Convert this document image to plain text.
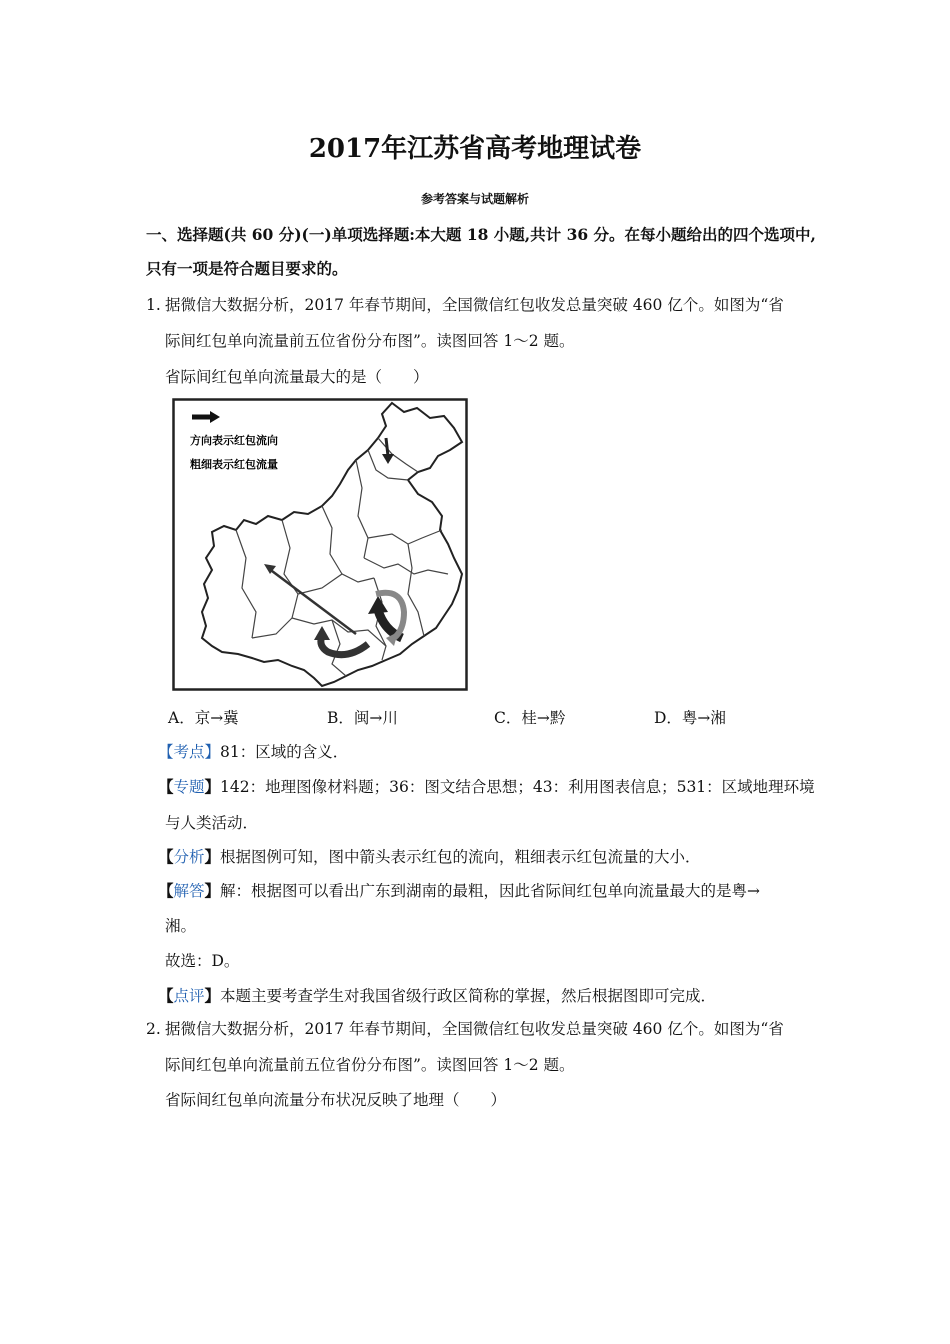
2017年江苏省高考地理试卷
参考答案与试题解析
一、选择题(共 60 分)(一)单项选择题:本大题 18 小题,共计 36 分。在每小题给出的四个选项中,
只有一项是符合题目要求的。
1. 据微信大数据分析，2017 年春节期间，全国微信红包收发总量突破 460 亿个。如图为“省
际间红包单向流量前五位省份分布图”。读图回答 1～2 题。
省际间红包单向流量最大的是（　　）
方向表示红包流向
粗细表示红包流量
A．京→冀	B．闽→川	C．桂→黔	D．粤→湘
【考点】81：区域的含义．
【专题】142：地理图像材料题；36：图文结合思想；43：利用图表信息；531：区域地理环境
与人类活动．
【分析】根据图例可知，图中箭头表示红包的流向，粗细表示红包流量的大小．
【解答】解：根据图可以看出广东到湖南的最粗，因此省际间红包单向流量最大的是粤→
湘。
故选：D。
【点评】本题主要考查学生对我国省级行政区简称的掌握，然后根据图即可完成．
2. 据微信大数据分析，2017 年春节期间，全国微信红包收发总量突破 460 亿个。如图为“省
际间红包单向流量前五位省份分布图”。读图回答 1～2 题。
省际间红包单向流量分布状况反映了地理（　　）
